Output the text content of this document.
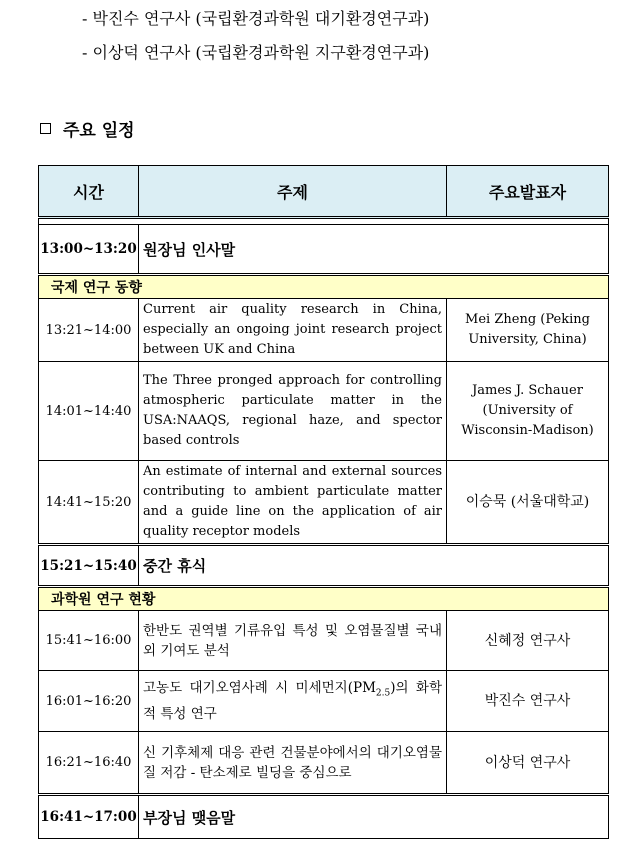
- 박진수 연구사 (국립환경과학원 대기환경연구과)
- 이상덕 연구사 (국립환경과학원 지구환경연구과)
주요 일정
시간	주제	주요발표자

13:00~13:20	원장님 인사말	
국제 연구 동향		
13:21~14:00	Current air quality research in China, especially an ongoing joint research project between UK and China	Mei Zheng (Peking University, China)
14:01~14:40	The Three pronged approach for controlling atmospheric particulate matter in the USA:NAAQS, regional haze, and spector based controls	James J. Schauer (University of Wisconsin-Madison)
14:41~15:20	An estimate of internal and external sources contributing to ambient particulate matter and a guide line on the application of air quality receptor models	이승묵 (서울대학교)
15:21~15:40	중간 휴식	
과학원 연구 현황		
15:41~16:00	한반도 권역별 기류유입 특성 및 오염물질별 국내외 기여도 분석	신혜정 연구사
16:01~16:20	고농도 대기오염사례 시 미세먼지$(PM_{2.5})$의 화학적 특성 연구	박진수 연구사
16:21~16:40	신 기후체제 대응 관련 건물분야에서의 대기오염물질 저감 - 탄소제로 빌딩을 중심으로	이상덕 연구사
16:41~17:00	부장님 맺음말	
